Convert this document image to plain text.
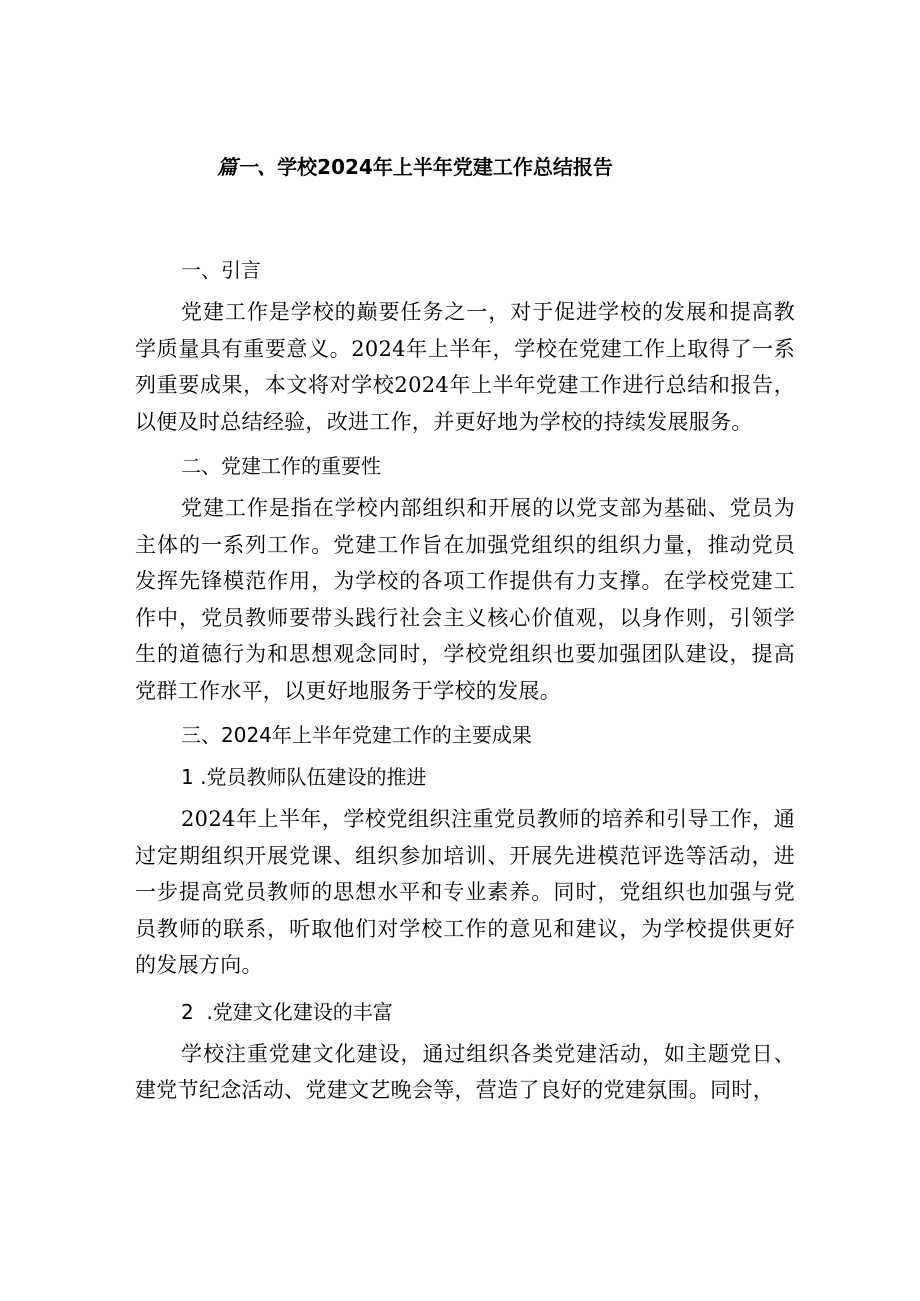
篇一、学校2024年上半年党建工作总结报告
一、引言

党建工作是学校的巅要任务之一，对于促进学校的发展和提高教学质量具有重要意义。2024年上半年，学校在党建工作上取得了一系列重要成果，本文将对学校2024年上半年党建工作进行总结和报告，以便及时总结经验，改进工作，并更好地为学校的持续发展服务。

二、党建工作的重要性

党建工作是指在学校内部组织和开展的以党支部为基础、党员为主体的一系列工作。党建工作旨在加强党组织的组织力量，推动党员发挥先锋模范作用，为学校的各项工作提供有力支撑。在学校党建工作中，党员教师要带头践行社会主义核心价值观，以身作则，引领学生的道德行为和思想观念同时，学校党组织也要加强团队建设，提高党群工作水平，以更好地服务于学校的发展。

三、2024年上半年党建工作的主要成果
1 .党员教师队伍建设的推进

2024年上半年，学校党组织注重党员教师的培养和引导工作，通过定期组织开展党课、组织参加培训、开展先进模范评选等活动，进一步提高党员教师的思想水平和专业素养。同时，党组织也加强与党员教师的联系，听取他们对学校工作的意见和建议，为学校提供更好的发展方向。

2  .党建文化建设的丰富

学校注重党建文化建设，通过组织各类党建活动，如主题党日、建党节纪念活动、党建文艺晚会等，营造了良好的党建氛围。同时，
